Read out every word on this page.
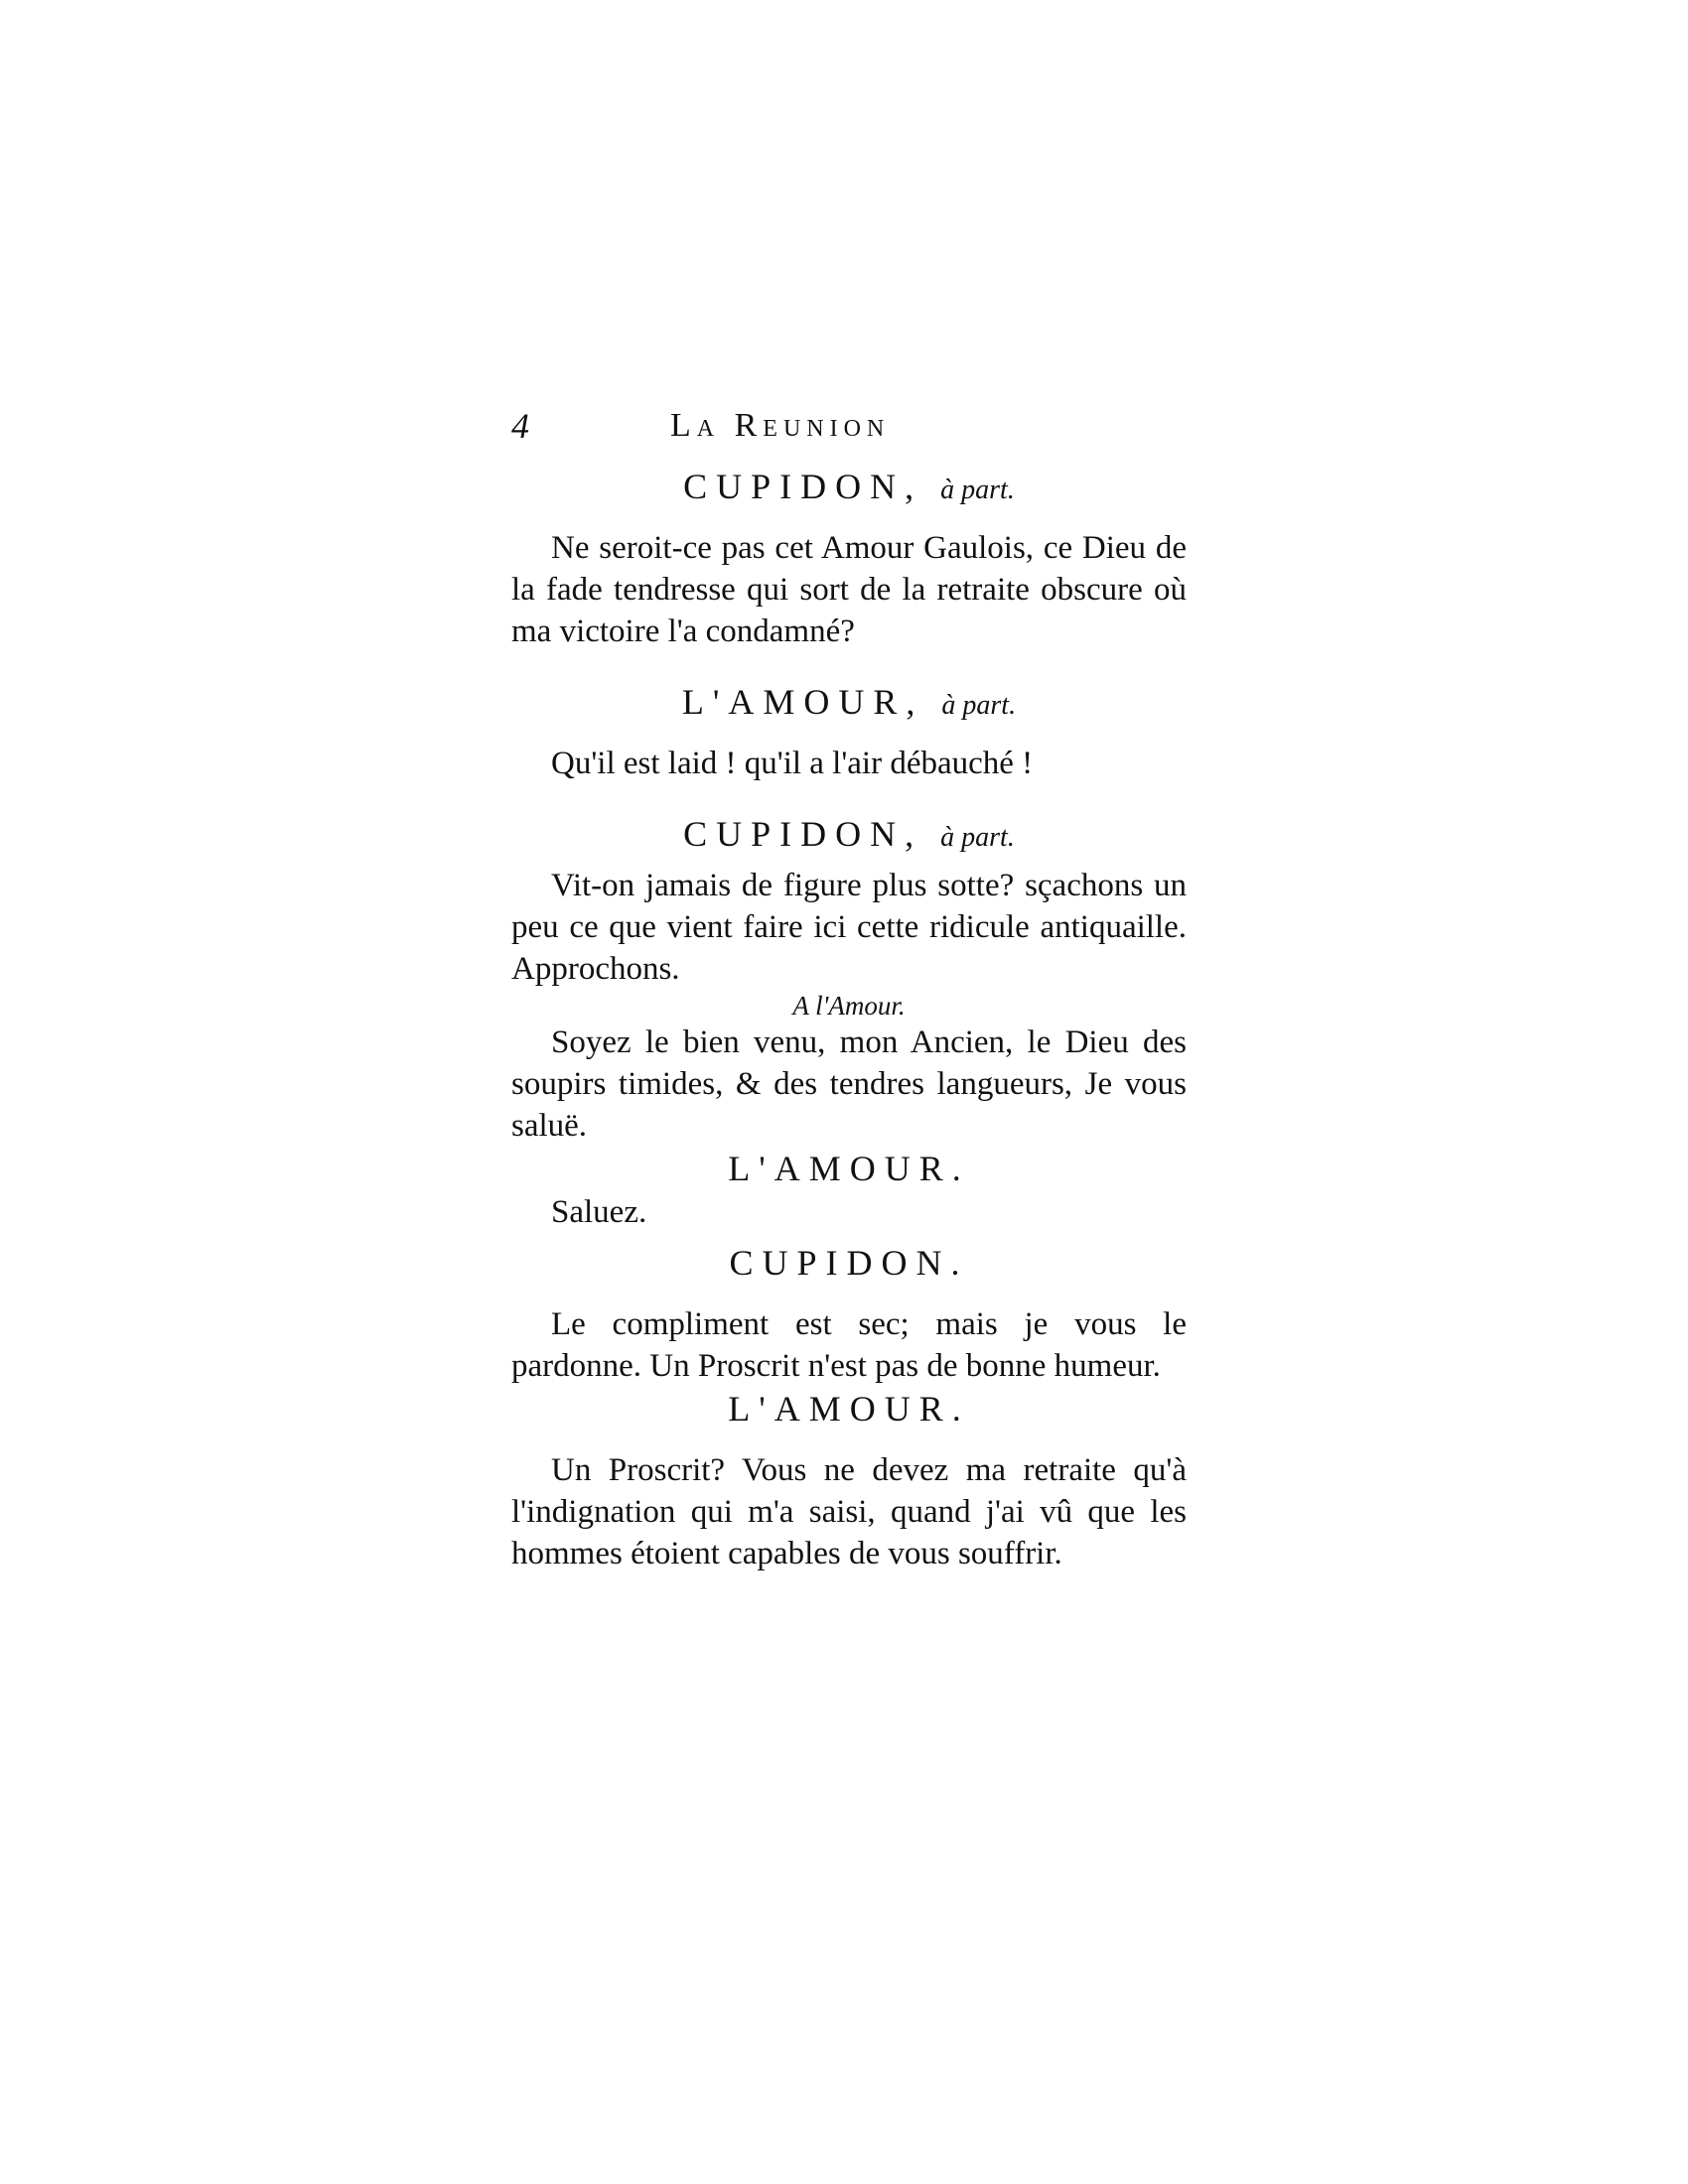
4	La Reunion

CUPIDON, à part.

Ne seroit-ce pas cet Amour Gaulois, ce Dieu de la fade tendresse qui sort de la retraite obscure où ma victoire l'a condamné?

L'AMOUR, à part.

Qu'il est laid ! qu'il a l'air débauché !

CUPIDON, à part.

Vit-on jamais de figure plus sotte? sçachons un peu ce que vient faire ici cette ridicule antiquaille. Approchons.

A l'Amour.

Soyez le bien venu, mon Ancien, le Dieu des soupirs timides, & des tendres langueurs, Je vous saluë.

L'AMOUR.

Saluez.

CUPIDON.

Le compliment est sec; mais je vous le pardonne. Un Proscrit n'est pas de bonne humeur.

L'AMOUR.

Un Proscrit? Vous ne devez ma retraite qu'à l'indignation qui m'a saisi, quand j'ai vû que les hommes étoient capables de vous souffrir.
